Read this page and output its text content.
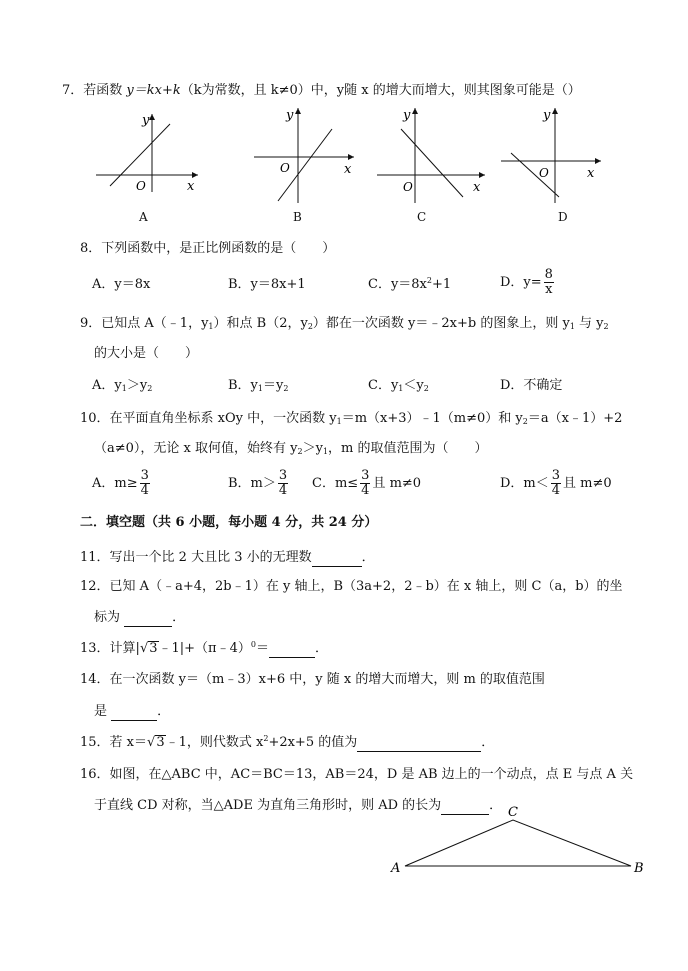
7．若函数 y＝kx+k（k为常数，且 k≠0）中，y随 x 的增大而增大，则其图象可能是（）
y
O	x
A
y
O	x
B
y
O	x
C
y
O	x
D
8．下列函数中，是正比例函数的是（　　）
A．y＝8x	B．y＝8x+1	C．$y=8x^2+1$	D．$y= \frac{8}{x}$
9．已知点 A（﹣1，$y_1$）和点 B（2，$y_2$）都在一次函数 y＝﹣2x+b 的图象上，则 $y_1$ 与 $y_2$
的大小是（　　）
A．$y_1>y_2$	B．$y_1=y_2$	C．$y_1<y_2$	D．不确定
10．在平面直角坐标系 xOy 中，一次函数 $y_1=m(x+3)﹣1(m\ne 0)$和 $y_2=a(x﹣1)+2$
（a≠0），无论 x 取何值，始终有 $y_2>y_1$，m 的取值范围为（　　）
A．$m\ge \frac{3}{4}$	B．$m> \frac{3}{4}$ C．$m\le \frac{3}{4}$ 且 m≠0	D．$m< \frac{3}{4}$ 且 m≠0
二．填空题（共 6 小题，每小题 4 分，共 24 分）
11．写出一个比 2 大且比 3 小的无理数	．
12．已知 A（﹣a+4，2b﹣1）在 y 轴上，B（3a+2，2﹣b）在 x 轴上，则 C（a，b）的坐
标为	．
13．计算|√3﹣1|+（π﹣4）$^0$＝	．
14．在一次函数 y＝（m﹣3）x+6 中，y 随 x 的增大而增大，则 m 的取值范围
是	．
15．若 x＝√3﹣1，则代数式 $x^2+2x+5$ 的值为	．
16．如图，在△ABC 中，AC＝BC＝13，AB＝24，D 是 AB 边上的一个动点，点 E 与点 A 关
于直线 CD 对称，当△ADE 为直角三角形时，则 AD 的长为	． C
A	B
